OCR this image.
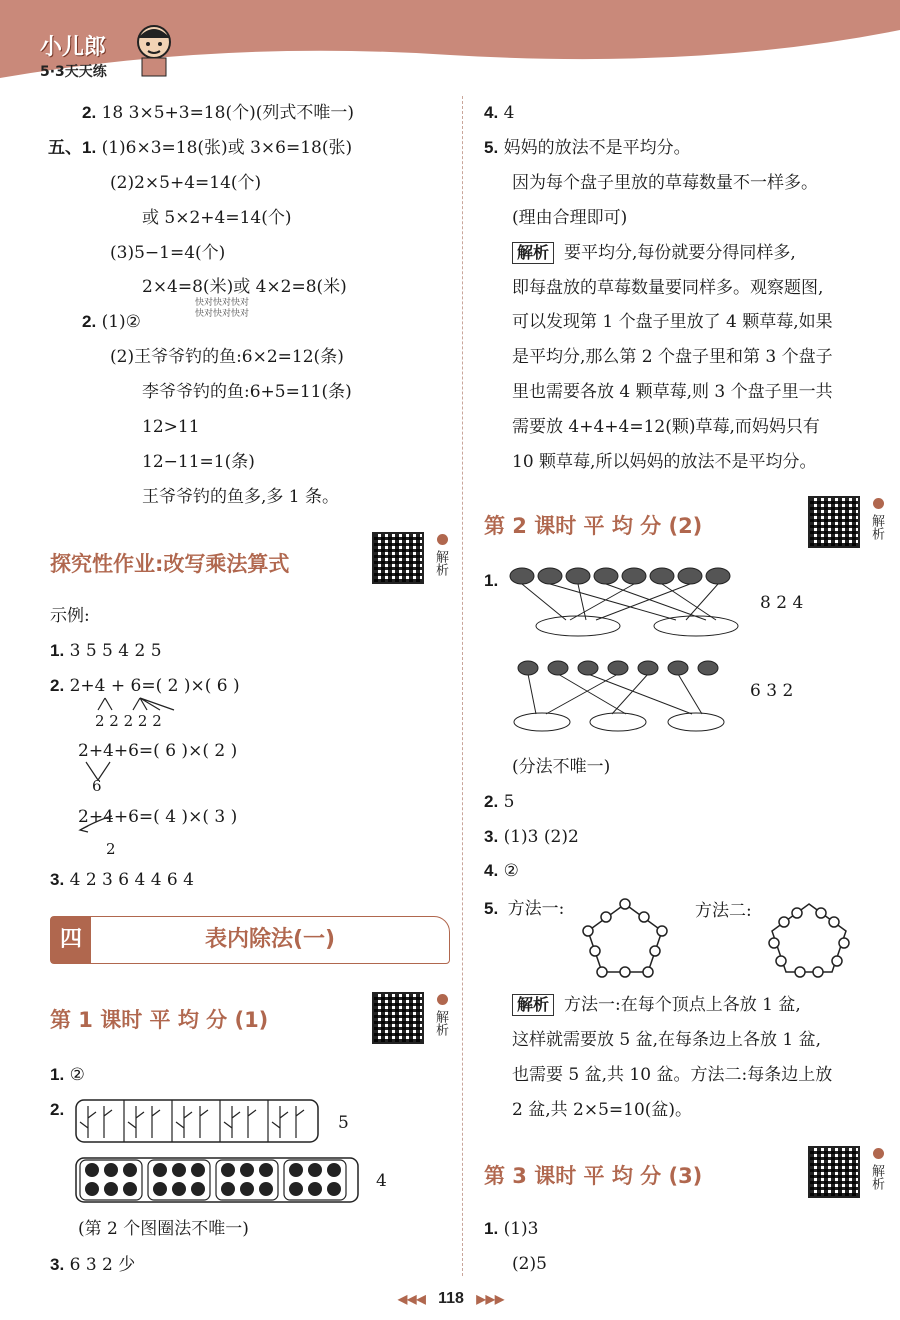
小儿郎
5·3天天练
2. 18 3×5+3=18(个)(列式不唯一)
五、1. (1)6×3=18(张)或 3×6=18(张)
(2)2×5+4=14(个)
或 5×2+4=14(个)
(3)5−1=4(个)
2×4=8(米)或 4×2=8(米)
快对快对快对
快对快对快对
2. (1)②
(2)王爷爷钓的鱼:6×2=12(条)
李爷爷钓的鱼:6+5=11(条)
12>11
12−11=1(条)
王爷爷钓的鱼多,多 1 条。
探究性作业:改写乘法算式	解析
示例:
1. 3 5 5 4 2 5
2. 2+4 + 6=( 2 )×( 6 )
2 2 2 2 2
2+4+6=( 6 )×( 2 )
6
2+4+6=( 4 )×( 3 )
2
3. 4 2 3 6 4 4 6 4
四	表内除法(一)
第 1 课时 平 均 分 (1)	解析
1. ②
2.
5
4
(第 2 个图圈法不唯一)
3. 6 3 2 少
4. 4
5. 妈妈的放法不是平均分。
因为每个盘子里放的草莓数量不一样多。
(理由合理即可)
解析 要平均分,每份就要分得同样多,
即每盘放的草莓数量要同样多。观察题图,
可以发现第 1 个盘子里放了 4 颗草莓,如果
是平均分,那么第 2 个盘子里和第 3 个盘子
里也需要各放 4 颗草莓,则 3 个盘子里一共
需要放 4+4+4=12(颗)草莓,而妈妈只有
10 颗草莓,所以妈妈的放法不是平均分。
第 2 课时 平 均 分 (2)	解析
1.
8 2 4
6 3 2
(分法不唯一)
2. 5
3. (1)3 (2)2
4. ②
5. 方法一:	方法二:
解析 方法一:在每个顶点上各放 1 盆,
这样就需要放 5 盆,在每条边上各放 1 盆,
也需要 5 盆,共 10 盆。方法二:每条边上放
2 盆,共 2×5=10(盆)。
第 3 课时 平 均 分 (3)	解析
1. (1)3
(2)5
◀◀◀ 118 ▶▶▶
